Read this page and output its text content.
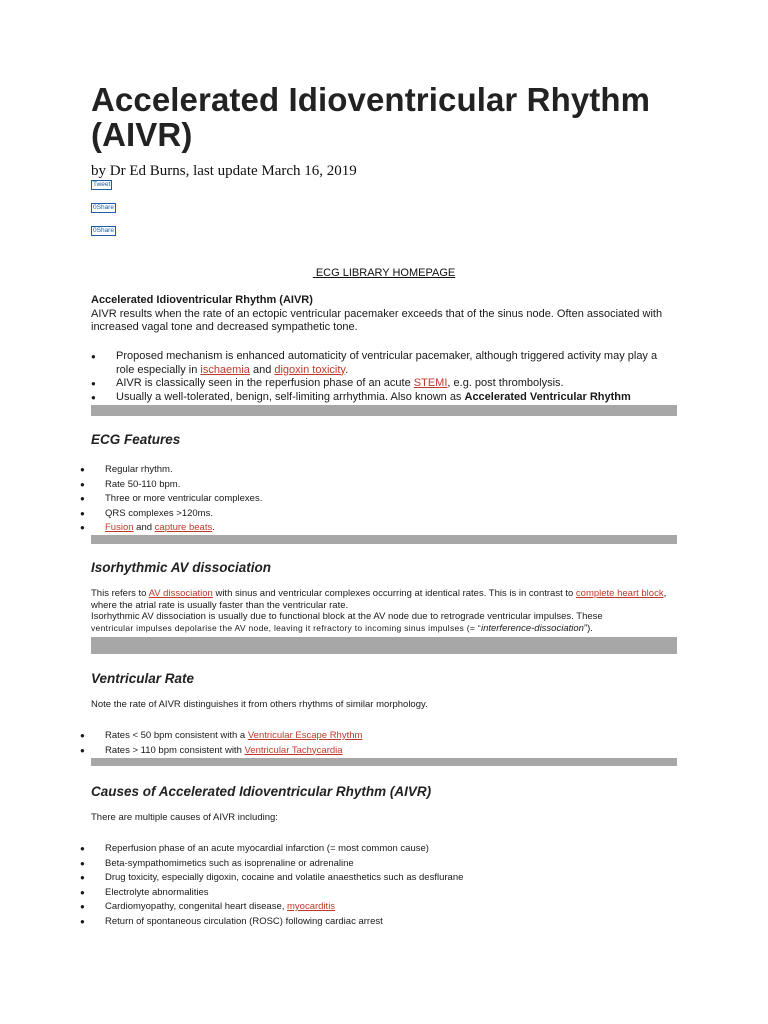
Accelerated Idioventricular Rhythm (AIVR)
by Dr Ed Burns, last update March 16, 2019
Tweet
0Share
0Share
ECG LIBRARY HOMEPAGE
Accelerated Idioventricular Rhythm (AIVR)
AIVR results when the rate of an ectopic ventricular pacemaker exceeds that of the sinus node. Often associated with increased vagal tone and decreased sympathetic tone.
● Proposed mechanism is enhanced automaticity of ventricular pacemaker, although triggered activity may play a role especially in ischaemia and digoxin toxicity.
● AIVR is classically seen in the reperfusion phase of an acute STEMI, e.g. post thrombolysis.
● Usually a well-tolerated, benign, self-limiting arrhythmia. Also known as Accelerated Ventricular Rhythm
ECG Features
● Regular rhythm.
● Rate 50-110 bpm.
● Three or more ventricular complexes.
● QRS complexes >120ms.
● Fusion and capture beats.
Isorhythmic AV dissociation
This refers to AV dissociation with sinus and ventricular complexes occurring at identical rates. This is in contrast to complete heart block, where the atrial rate is usually faster than the ventricular rate.
Isorhythmic AV dissociation is usually due to functional block at the AV node due to retrograde ventricular impulses. These
ventricular impulses depolarise the AV node, leaving it refractory to incoming sinus impulses (= “interference-dissociation”).
Ventricular Rate
Note the rate of AIVR distinguishes it from others rhythms of similar morphology.
● Rates < 50 bpm consistent with a Ventricular Escape Rhythm
● Rates > 110 bpm consistent with Ventricular Tachycardia
Causes of Accelerated Idioventricular Rhythm (AIVR)
There are multiple causes of AIVR including:
● Reperfusion phase of an acute myocardial infarction (= most common cause)
● Beta-sympathomimetics such as isoprenaline or adrenaline
● Drug toxicity, especially digoxin, cocaine and volatile anaesthetics such as desflurane
● Electrolyte abnormalities
● Cardiomyopathy, congenital heart disease, myocarditis
● Return of spontaneous circulation (ROSC) following cardiac arrest
